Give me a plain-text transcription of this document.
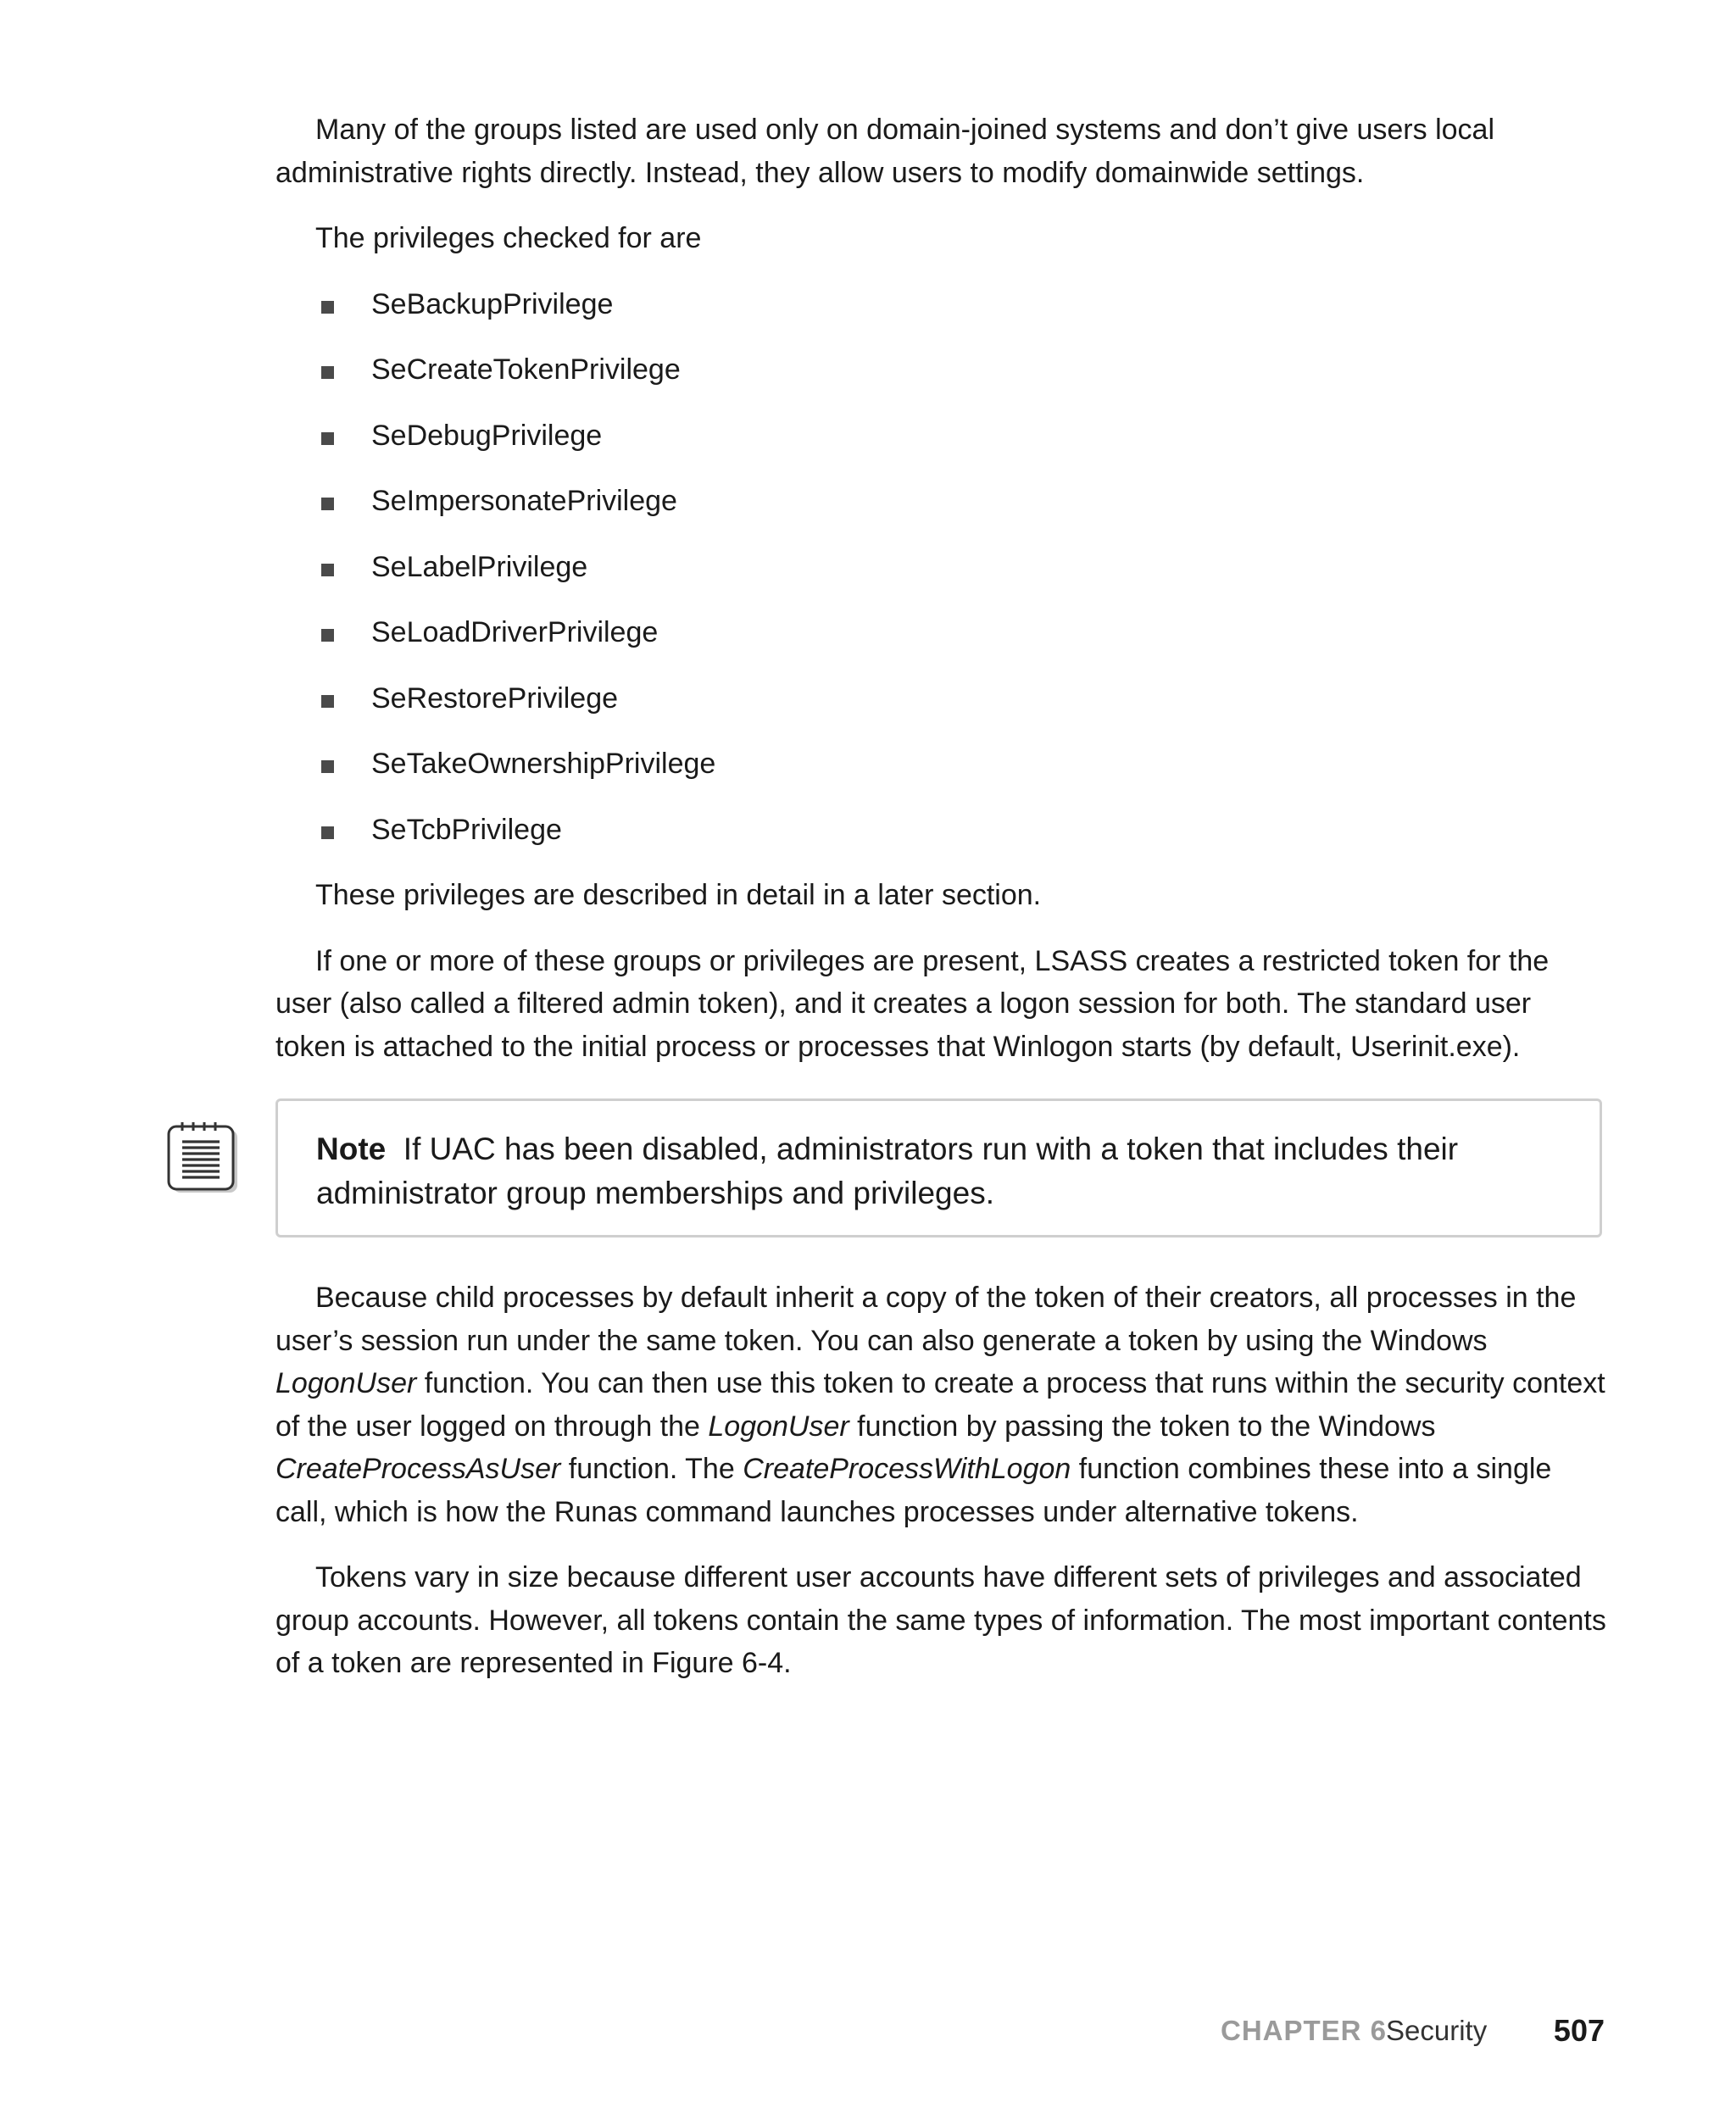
Many of the groups listed are used only on domain-joined systems and don’t give users local administrative rights directly. Instead, they allow users to modify domainwide settings.

The privileges checked for are

SeBackupPrivilege
SeCreateTokenPrivilege
SeDebugPrivilege
SeImpersonatePrivilege
SeLabelPrivilege
SeLoadDriverPrivilege
SeRestorePrivilege
SeTakeOwnershipPrivilege
SeTcbPrivilege

These privileges are described in detail in a later section.

If one or more of these groups or privileges are present, LSASS creates a restricted token for the user (also called a filtered admin token), and it creates a logon session for both. The standard user token is attached to the initial process or processes that Winlogon starts (by default, Userinit.exe).

Note If UAC has been disabled, administrators run with a token that includes their administrator group memberships and privileges.

Because child processes by default inherit a copy of the token of their creators, all processes in the user’s session run under the same token. You can also generate a token by using the Windows LogonUser function. You can then use this token to create a process that runs within the security context of the user logged on through the LogonUser function by passing the token to the Windows CreateProcessAsUser function. The CreateProcessWithLogon function combines these into a single call, which is how the Runas command launches processes under alternative tokens.

Tokens vary in size because different user accounts have different sets of privileges and associated group accounts. However, all tokens contain the same types of information. The most important contents of a token are represented in Figure 6-4.

CHAPTER 6
Security 507
